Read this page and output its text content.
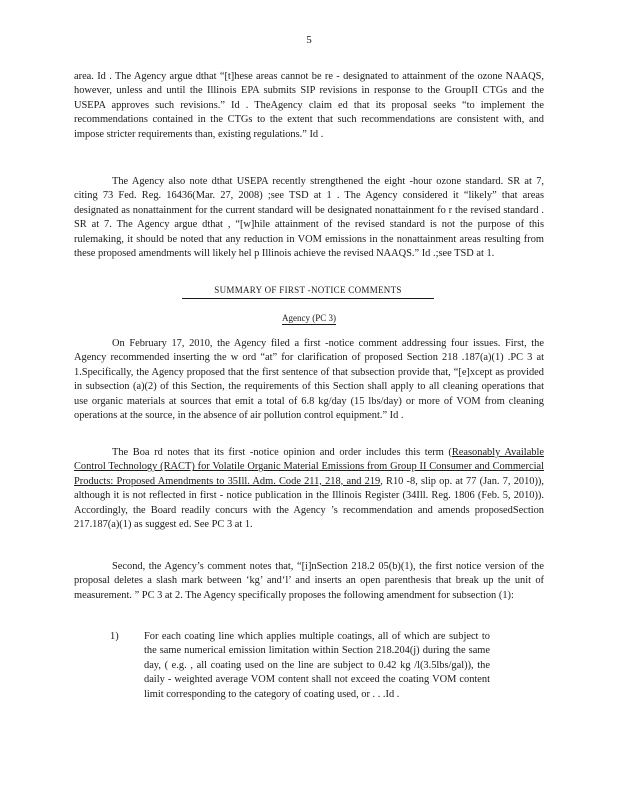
5

area. Id . The Agency argue dthat “[t]hese areas cannot be re - designated to attainment of the ozone NAAQS, however, unless and until the Illinois EPA submits SIP revisions in response to the GroupII CTGs and the USEPA approves such revisions.” Id . TheAgency claim ed that its proposal seeks “to implement the recommendations contained in the CTGs to the extent that such recommendations are consistent with, and impose stricter requirements than, existing regulations.” Id .

The Agency also note dthat USEPA recently strengthened the eight -hour ozone standard. SR at 7, citing 73 Fed. Reg. 16436(Mar. 27, 2008) ;see TSD at 1 . The Agency considered it “likely” that areas designated as nonattainment for the current standard will be designated nonattainment fo r the revised standard . SR at 7. The Agency argue dthat , “[w]hile attainment of the revised standard is not the purpose of this rulemaking, it should be noted that any reduction in VOM emissions in the nonattainment areas resulting from these proposed amendments will likely hel p Illinois achieve the revised NAAQS.” Id .;see TSD at 1.

SUMMARY OF FIRST -NOTICE COMMENTS
Agency (PC 3)

On February 17, 2010, the Agency filed a first -notice comment addressing four issues. First, the Agency recommended inserting the w ord “at” for clarification of proposed Section 218 .187(a)(1) .PC 3 at 1.Specifically, the Agency proposed that the first sentence of that subsection provide that, “[e]xcept as provided in subsection (a)(2) of this Section, the requirements of this Section shall apply to all cleaning operations that use organic materials at sources that emit a total of 6.8 kg/day (15 lbs/day) or more of VOM from cleaning operations at the source, in the absence of air pollution control equipment.” Id .

The Boa rd notes that its first -notice opinion and order includes this term (Reasonably Available Control Technology (RACT) for Volatile Organic Material Emissions from Group II Consumer and Commercial Products: Proposed Amendments to 35Ill. Adm. Code 211, 218, and 219, R10 -8, slip op. at 77 (Jan. 7, 2010)), although it is not reflected in first - notice publication in the Illinois Register (34Ill. Reg. 1806 (Feb. 5, 2010)). Accordingly, the Board readily concurs with the Agency ’s recommendation and amends proposedSection 217.187(a)(1) as suggest ed. See PC 3 at 1.

Second, the Agency’s comment notes that, “[i]nSection 218.2 05(b)(1), the first notice version of the proposal deletes a slash mark between ‘kg’ and‘l’ and inserts an open parenthesis that break up the unit of measurement. ” PC 3 at 2. The Agency specifically proposes the following amendment for subsection (1):

1)	For each coating line which applies multiple coatings, all of which are subject to the same numerical emission limitation within Section 218.204(j) during the same day, ( e.g. , all coating used on the line are subject to 0.42 kg /l(3.5lbs/gal)), the daily - weighted average VOM content shall not exceed the coating VOM content limit corresponding to the category of coating used, or . . .Id .
